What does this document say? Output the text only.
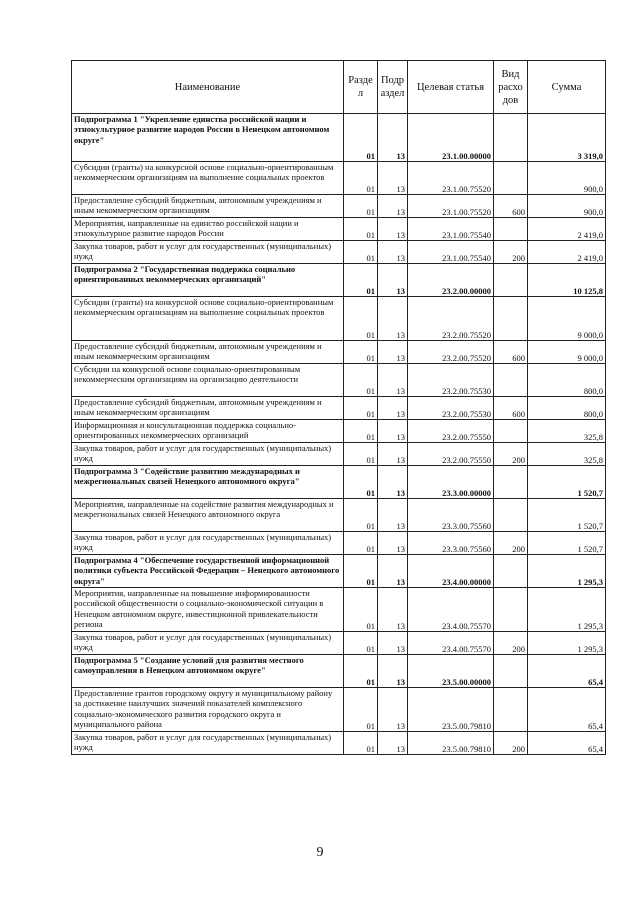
Наименование	Разде л	Подр аздел	Целевая статья	Вид расхо дов	Сумма
Подпрограмма 1 "Укрепление единства российской нации и этнокультурное развитие народов России в Ненецком автономном округе"	01	13	23.1.00.00000		3 319,0
Субсидии (гранты) на конкурсной основе социально-ориентированным некоммерческим организациям на выполнение социальных проектов	01	13	23.1.00.75520		900,0
Предоставление субсидий бюджетным, автономным учреждениям и иным некоммерческим организациям	01	13	23.1.00.75520	600	900,0
Мероприятия, направленные на единство российской нации и этнокультурное развитие народов России	01	13	23.1.00.75540		2 419,0
Закупка товаров, работ и услуг для государственных (муниципальных) нужд	01	13	23.1.00.75540	200	2 419,0
Подпрограмма 2 "Государственная поддержка социально ориентированных некоммерческих организаций"	01	13	23.2.00.00000		10 125,8
Субсидии (гранты) на конкурсной основе социально-ориентированным некоммерческим организациям на выполнение социальных проектов	01	13	23.2.00.75520		9 000,0
Предоставление субсидий бюджетным, автономным учреждениям и иным некоммерческим организациям	01	13	23.2.00.75520	600	9 000,0
Субсидии на конкурсной основе социально-ориентированным некоммерческим организациям на организацию деятельности	01	13	23.2.00.75530		800,0
Предоставление субсидий бюджетным, автономным учреждениям и иным некоммерческим организациям	01	13	23.2.00.75530	600	800,0
Информационная и консультационная поддержка социально-ориентированных некоммерческих организаций	01	13	23.2.00.75550		325,8
Закупка товаров, работ и услуг для государственных (муниципальных) нужд	01	13	23.2.00.75550	200	325,8
Подпрограмма 3 "Содействие развитию международных и межрегиональных связей Ненецкого автономного округа"	01	13	23.3.00.00000		1 520,7
Мероприятия, направленные на содействие развития международных и межрегиональных связей Ненецкого автономного округа	01	13	23.3.00.75560		1 520,7
Закупка товаров, работ и услуг для государственных (муниципальных) нужд	01	13	23.3.00.75560	200	1 520,7
Подпрограмма 4 "Обеспечение государственной информационной политики субъекта Российской Федерации – Ненецкого автономного округа"	01	13	23.4.00.00000		1 295,3
Мероприятия, направленные на повышение информированности российской общественности о социально-экономической ситуации в Ненецком автономном округе, инвестиционной привлекательности региона	01	13	23.4.00.75570		1 295,3
Закупка товаров, работ и услуг для государственных (муниципальных) нужд	01	13	23.4.00.75570	200	1 295,3
Подпрограмма 5 "Создание условий для развития местного самоуправления в Ненецком автономном округе"	01	13	23.5.00.00000		65,4
Предоставление грантов городскому округу и муниципальному району за достижение наилучших значений показателей комплексного социально-экономического развития городского округа и муниципального района	01	13	23.5.00.79810		65,4
Закупка товаров, работ и услуг для государственных (муниципальных) нужд	01	13	23.5.00.79810	200	65,4
9
